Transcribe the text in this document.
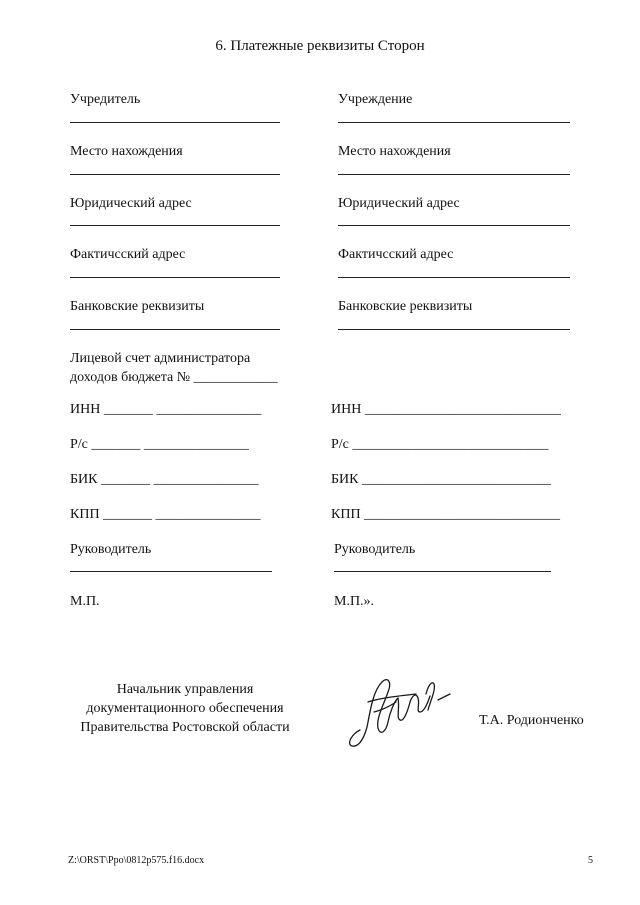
6. Платежные реквизиты Сторон
Учредитель
Место нахождения
Юридический адрес
Фактичсский адрес
Банковские реквизиты
Лицевой счет администратора
доходов бюджета № ____________
ИНН _______ _______________
Р/с _______ _______________
БИК _______ _______________
КПП _______ _______________
Руководитель
М.П.
Учреждение
Место нахождения
Юридический адрес
Фактичсский адрес
Банковские реквизиты
ИНН ____________________________
Р/с ____________________________
БИК ___________________________
КПП ____________________________
Руководитель
М.П.».
Начальник управления
документационного обеспечения
Правительства Ростовской области	Т.А. Родионченко
Z:\ORST\Ppo\0812p575.f16.docx	5
